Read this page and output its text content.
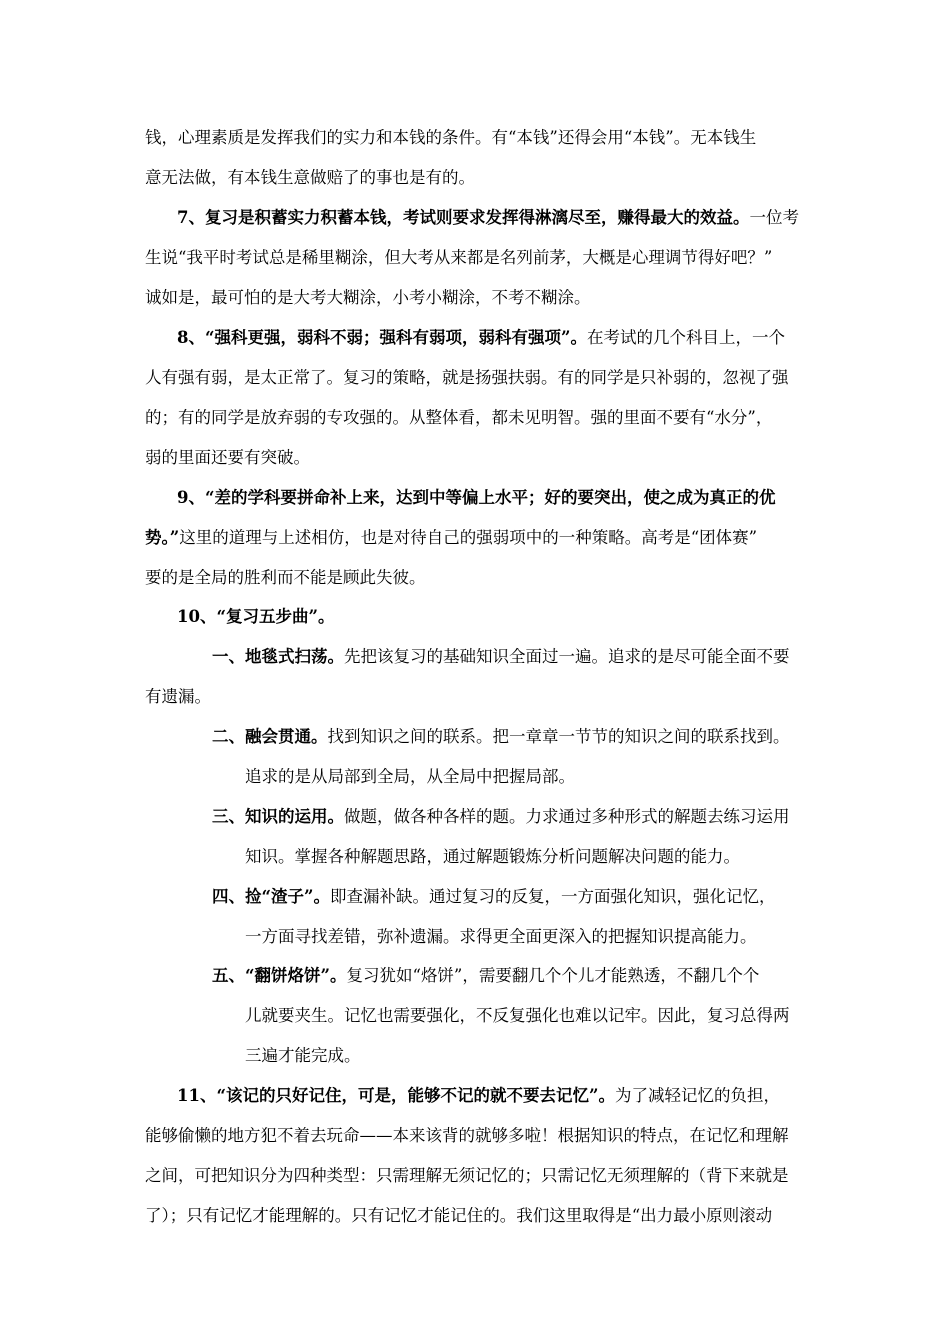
钱，心理素质是发挥我们的实力和本钱的条件。有“本钱”还得会用“本钱”。无本钱生
意无法做，有本钱生意做赔了的事也是有的。
7、复习是积蓄实力积蓄本钱，考试则要求发挥得淋漓尽至，赚得最大的效益。一位考
生说“我平时考试总是稀里糊涂，但大考从来都是名列前茅，大概是心理调节得好吧？”
诚如是，最可怕的是大考大糊涂，小考小糊涂，不考不糊涂。
8、“强科更强，弱科不弱；强科有弱项，弱科有强项”。在考试的几个科目上，一个
人有强有弱，是太正常了。复习的策略，就是扬强扶弱。有的同学是只补弱的，忽视了强
的；有的同学是放弃弱的专攻强的。从整体看，都未见明智。强的里面不要有“水分”，
弱的里面还要有突破。
9、“差的学科要拼命补上来，达到中等偏上水平；好的要突出，使之成为真正的优
势。”这里的道理与上述相仿，也是对待自己的强弱项中的一种策略。高考是“团体赛”
要的是全局的胜利而不能是顾此失彼。
10、“复习五步曲”。
一、地毯式扫荡。先把该复习的基础知识全面过一遍。追求的是尽可能全面不要
有遗漏。
二、融会贯通。找到知识之间的联系。把一章章一节节的知识之间的联系找到。
追求的是从局部到全局，从全局中把握局部。
三、知识的运用。做题，做各种各样的题。力求通过多种形式的解题去练习运用
知识。掌握各种解题思路，通过解题锻炼分析问题解决问题的能力。
四、捡“渣子”。即查漏补缺。通过复习的反复，一方面强化知识，强化记忆，
一方面寻找差错，弥补遗漏。求得更全面更深入的把握知识提高能力。
五、“翻饼烙饼”。复习犹如“烙饼”，需要翻几个个儿才能熟透，不翻几个个
儿就要夹生。记忆也需要强化，不反复强化也难以记牢。因此，复习总得两
三遍才能完成。
11、“该记的只好记住，可是，能够不记的就不要去记忆”。为了减轻记忆的负担，
能够偷懒的地方犯不着去玩命——本来该背的就够多啦！根据知识的特点，在记忆和理解
之间，可把知识分为四种类型：只需理解无须记忆的；只需记忆无须理解的（背下来就是
了）；只有记忆才能理解的。只有记忆才能记住的。我们这里取得是“出力最小原则滚动
